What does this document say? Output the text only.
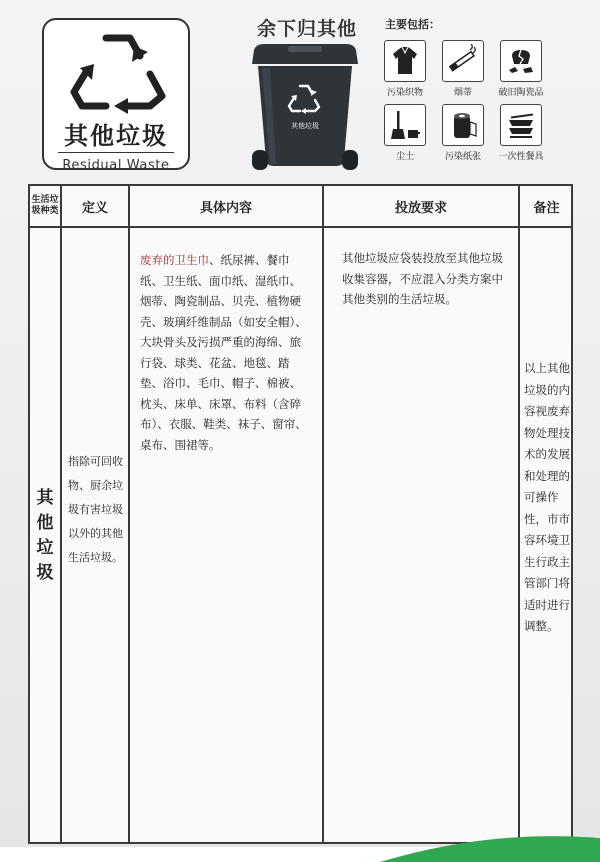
其他垃圾
Residual Waste
余下归其他
其他垃圾
主要包括：
污染织物	烟蒂	破旧陶瓷品
尘土	污染纸张	一次性餐具
生活垃圾种类	定义	具体内容	投放要求	备注
其他垃圾
指除可回收物、厨余垃圾有害垃圾以外的其他生活垃圾。
废弃的卫生巾、纸尿裤、餐巾纸、卫生纸、面巾纸、湿纸巾、烟蒂、陶瓷制品、贝壳、植物硬壳、玻璃纤维制品（如安全帽）、大块骨头及污损严重的海绵、旅行袋、球类、花盆、地毯、踏垫、浴巾、毛巾、帽子、棉被、枕头、床单、床罩、布料（含碎布）、衣服、鞋类、袜子、窗帘、桌布、围裙等。
其他垃圾应袋装投放至其他垃圾收集容器，不应混入分类方案中其他类别的生活垃圾。
以上其他垃圾的内容视废弃物处理技术的发展和处理的可操作性，市市容环境卫生行政主管部门将适时进行调整。
